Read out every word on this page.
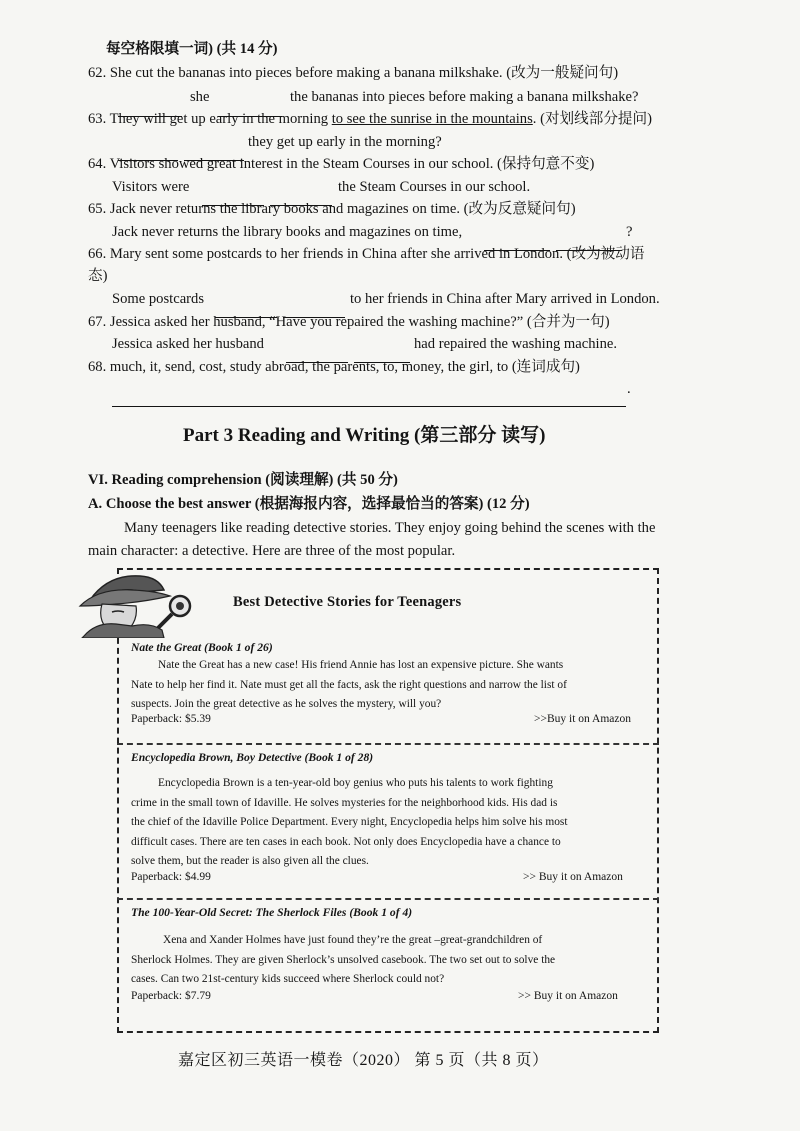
每空格限填一词) (共 14 分)
62. She cut the bananas into pieces before making a banana milkshake. (改为一般疑问句)
she	the bananas into pieces before making a banana milkshake?
63. They will get up early in the morning to see the sunrise in the mountains. (对划线部分提问)
they get up early in the morning?
64. Visitors showed great interest in the Steam Courses in our school. (保持句意不变)
Visitors were	the Steam Courses in our school.
65. Jack never returns the library books and magazines on time. (改为反意疑问句)
Jack never returns the library books and magazines on time,	?
66. Mary sent some postcards to her friends in China after she arrived in London. (改为被动语
态)
Some postcards	to her friends in China after Mary arrived in London.
67. Jessica asked her husband, “Have you repaired the washing machine?” (合并为一句)
Jessica asked her husband	had repaired the washing machine.
68. much, it, send, cost, study abroad, the parents, to, money, the girl, to (连词成句)
.
Part 3 Reading and Writing (第三部分 读写)
VI. Reading comprehension (阅读理解) (共 50 分)
A. Choose the best answer (根据海报内容，选择最恰当的答案) (12 分)
Many teenagers like reading detective stories. They enjoy going behind the scenes with the
main character: a detective. Here are three of the most popular.
Best Detective Stories for Teenagers
Nate the Great (Book 1 of 26)
Nate the Great has a new case! His friend Annie has lost an expensive picture. She wants
Nate to help her find it. Nate must get all the facts, ask the right questions and narrow the list of
suspects. Join the great detective as he solves the mystery, will you?
Paperback: $5.39	>>Buy it on Amazon
Encyclopedia Brown, Boy Detective (Book 1 of 28)
Encyclopedia Brown is a ten-year-old boy genius who puts his talents to work fighting
crime in the small town of Idaville. He solves mysteries for the neighborhood kids. His dad is
the chief of the Idaville Police Department. Every night, Encyclopedia helps him solve his most
difficult cases. There are ten cases in each book. Not only does Encyclopedia have a chance to
solve them, but the reader is also given all the clues.
Paperback: $4.99	>> Buy it on Amazon
The 100-Year-Old Secret: The Sherlock Files (Book 1 of 4)
Xena and Xander Holmes have just found they’re the great –great-grandchildren of
Sherlock Holmes. They are given Sherlock’s unsolved casebook. The two set out to solve the
cases. Can two 21st-century kids succeed where Sherlock could not?
Paperback: $7.79	>> Buy it on Amazon
嘉定区初三英语一模卷（2020） 第 5 页（共 8 页）
